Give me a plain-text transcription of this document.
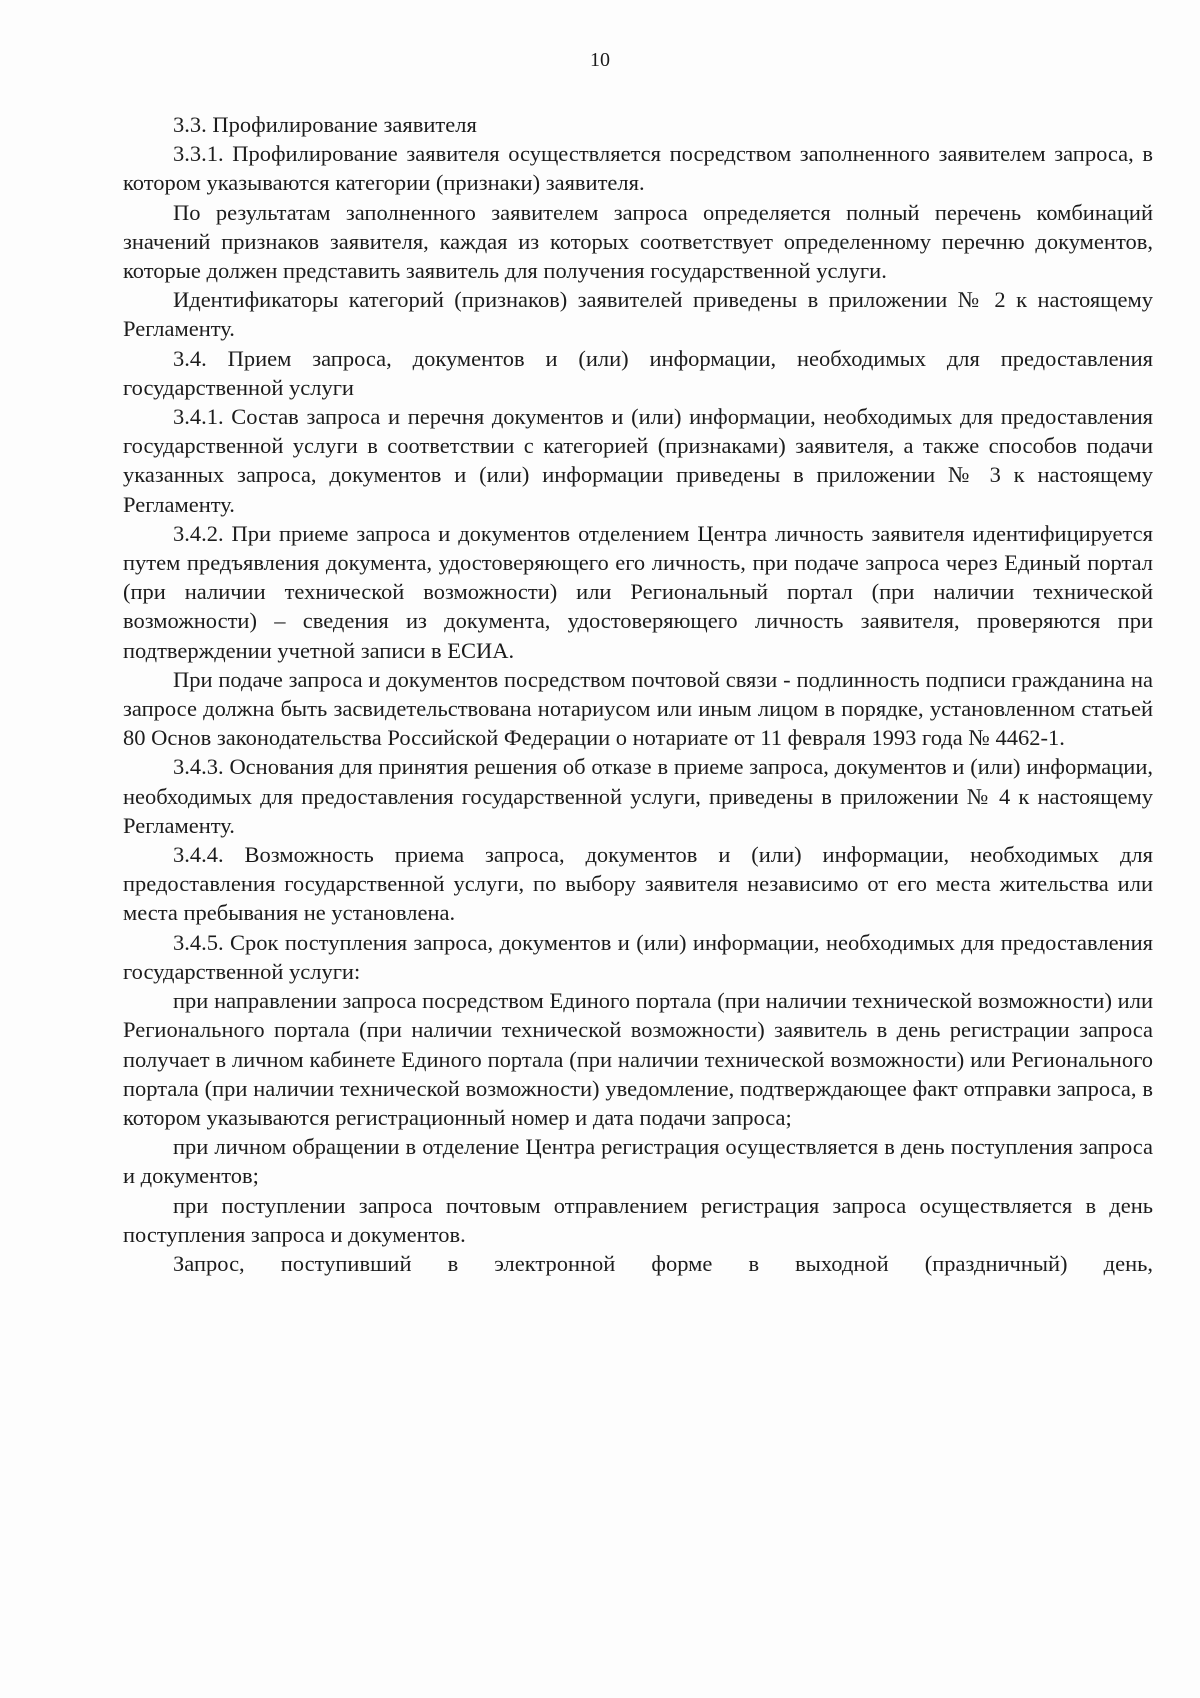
10

3.3. Профилирование заявителя

3.3.1. Профилирование заявителя осуществляется посредством заполненного заявителем запроса, в котором указываются категории (признаки) заявителя.

По результатам заполненного заявителем запроса определяется полный перечень комбинаций значений признаков заявителя, каждая из которых соответствует определенному перечню документов, которые должен представить заявитель для получения государственной услуги.

Идентификаторы категорий (признаков) заявителей приведены в приложении № 2 к настоящему Регламенту.

3.4. Прием запроса, документов и (или) информации, необходимых для предоставления государственной услуги

3.4.1. Состав запроса и перечня документов и (или) информации, необходимых для предоставления государственной услуги в соответствии с категорией (признаками) заявителя, а также способов подачи указанных запроса, документов и (или) информации приведены в приложении № 3 к настоящему Регламенту.

3.4.2. При приеме запроса и документов отделением Центра личность заявителя идентифицируется путем предъявления документа, удостоверяющего его личность, при подаче запроса через Единый портал (при наличии технической возможности) или Региональный портал (при наличии технической возможности) – сведения из документа, удостоверяющего личность заявителя, проверяются при подтверждении учетной записи в ЕСИА.

При подаче запроса и документов посредством почтовой связи - подлинность подписи гражданина на запросе должна быть засвидетельствована нотариусом или иным лицом в порядке, установленном статьей 80 Основ законодательства Российской Федерации о нотариате от 11 февраля 1993 года № 4462-1.

3.4.3. Основания для принятия решения об отказе в приеме запроса, документов и (или) информации, необходимых для предоставления государственной услуги, приведены в приложении № 4 к настоящему Регламенту.

3.4.4. Возможность приема запроса, документов и (или) информации, необходимых для предоставления государственной услуги, по выбору заявителя независимо от его места жительства или места пребывания не установлена.

3.4.5. Срок поступления запроса, документов и (или) информации, необходимых для предоставления государственной услуги:

при направлении запроса посредством Единого портала (при наличии технической возможности) или Регионального портала (при наличии технической возможности) заявитель в день регистрации запроса получает в личном кабинете Единого портала (при наличии технической возможности) или Регионального портала (при наличии технической возможности) уведомление, подтверждающее факт отправки запроса, в котором указываются регистрационный номер и дата подачи запроса;

при личном обращении в отделение Центра регистрация осуществляется в день поступления запроса и документов;

при поступлении запроса почтовым отправлением регистрация запроса осуществляется в день поступления запроса и документов.

Запрос, поступивший в электронной форме в выходной (праздничный) день,
